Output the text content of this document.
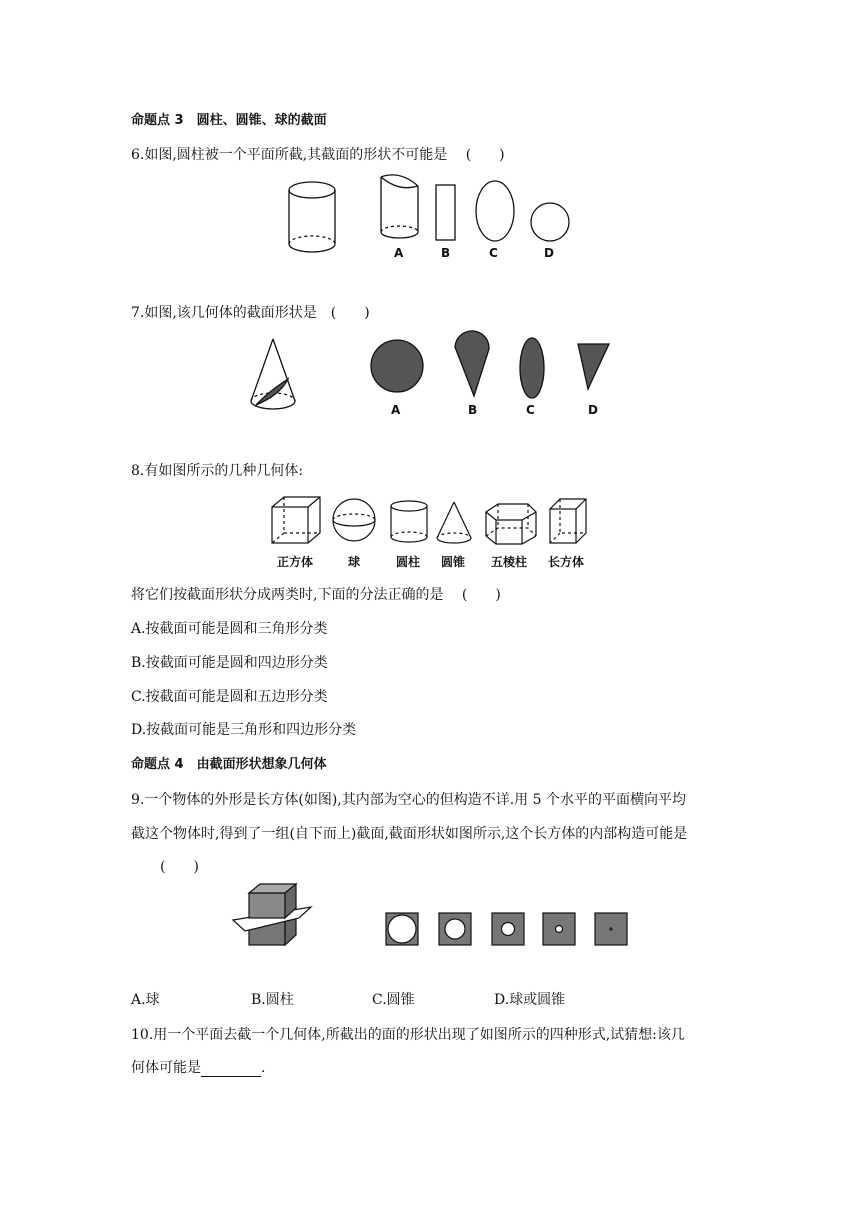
命题点 3　圆柱、圆锥、球的截面
6.如图,圆柱被一个平面所截,其截面的形状不可能是　 (　　)
A	B	C	D
7.如图,该几何体的截面形状是　(　　)
A	B	C	D
8.有如图所示的几种几何体:
正方体	球	圆柱 圆锥 五棱柱 长方体
将它们按截面形状分成两类时,下面的分法正确的是　 (　　)
A.按截面可能是圆和三角形分类
B.按截面可能是圆和四边形分类
C.按截面可能是圆和五边形分类
D.按截面可能是三角形和四边形分类
命题点 4　由截面形状想象几何体
9.一个物体的外形是长方体(如图),其内部为空心的但构造不详.用 5 个水平的平面横向平均
截这个物体时,得到了一组(自下而上)截面,截面形状如图所示,这个长方体的内部构造可能是
(　　)
A.球	B.圆柱	C.圆锥	D.球或圆锥
10.用一个平面去截一个几何体,所截出的面的形状出现了如图所示的四种形式,试猜想:该几
何体可能是	.
